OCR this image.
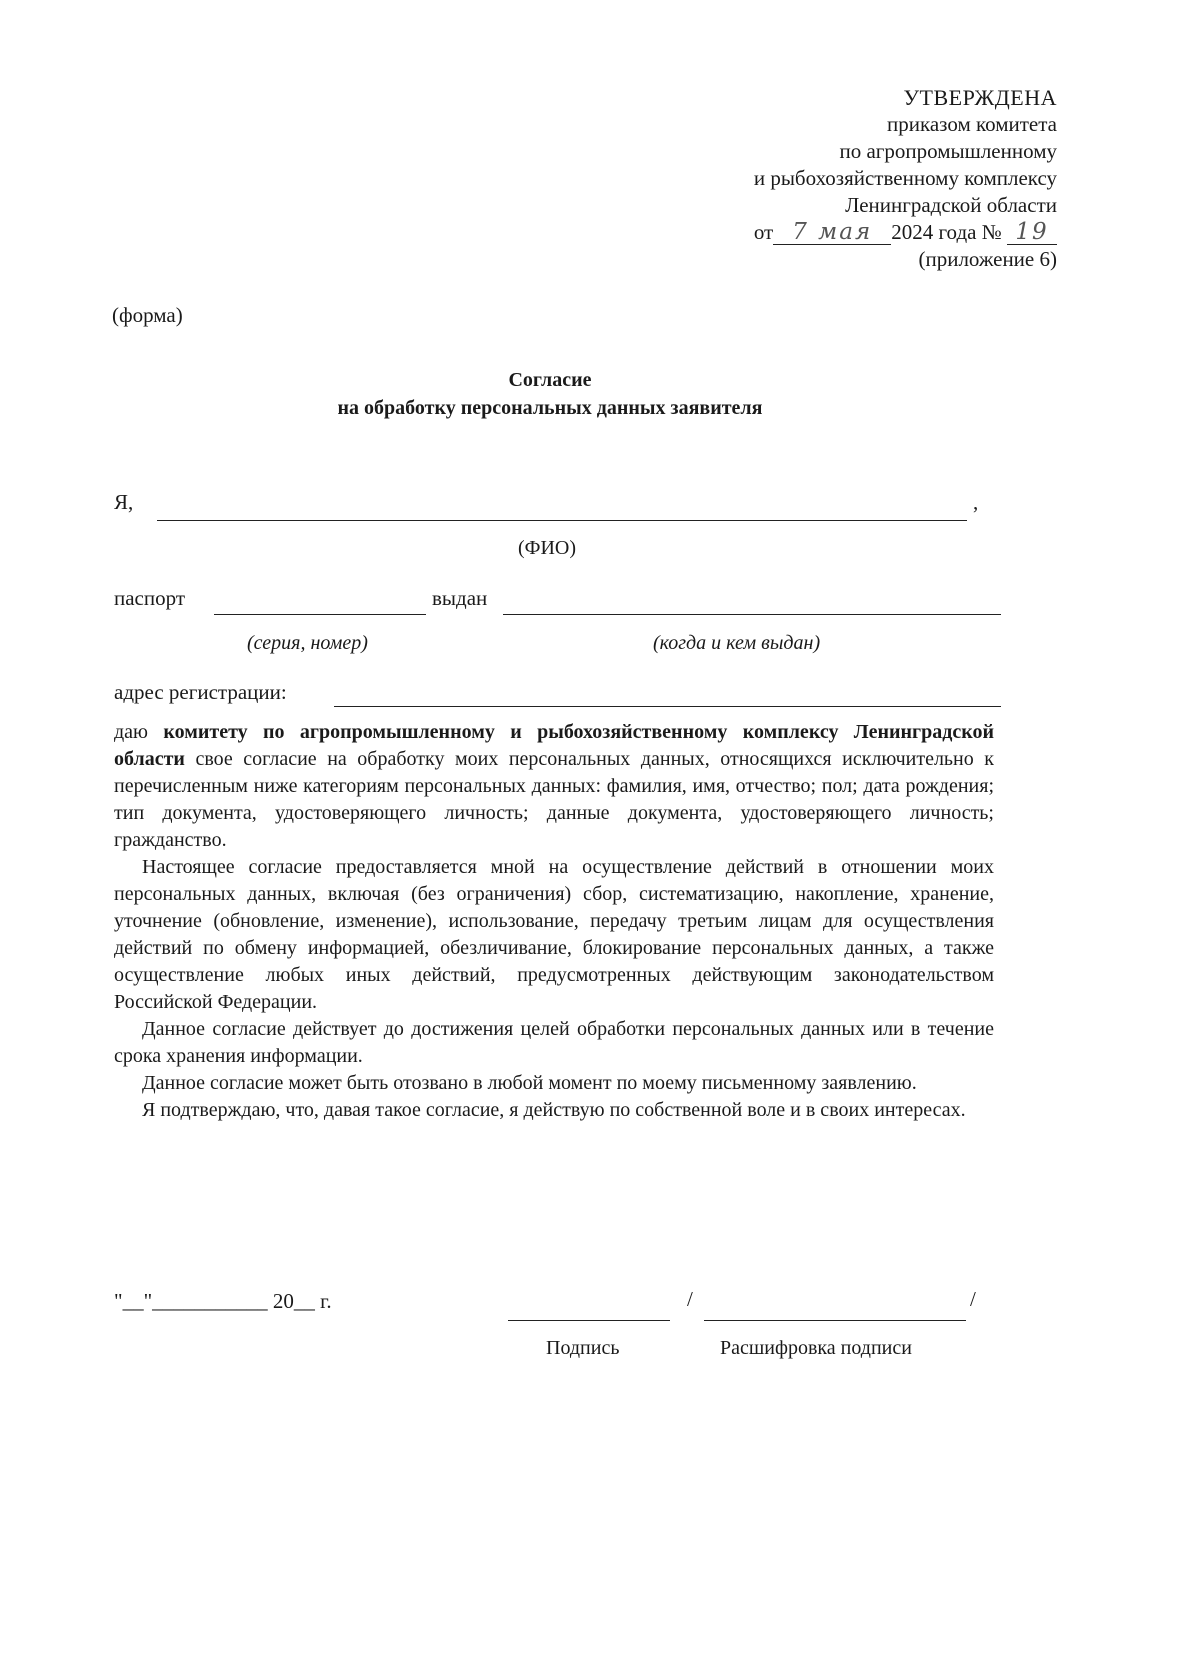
УТВЕРЖДЕНА
приказом комитета
по агропромышленному
и рыбохозяйственному комплексу
Ленинградской области
от 7 мая 2024 года № 19
(приложение 6)
(форма)
Согласие
на обработку персональных данных заявителя
Я,	,
(ФИО)
паспорт	выдан
(серия, номер)	(когда и кем выдан)
адрес регистрации:

даю комитету по агропромышленному и рыбохозяйственному комплексу Ленинградской области свое согласие на обработку моих персональных данных, относящихся исключительно к перечисленным ниже категориям персональных данных: фамилия, имя, отчество; пол; дата рождения; тип документа, удостоверяющего личность; данные документа, удостоверяющего личность; гражданство.

Настоящее согласие предоставляется мной на осуществление действий в отношении моих персональных данных, включая (без ограничения) сбор, систематизацию, накопление, хранение, уточнение (обновление, изменение), использование, передачу третьим лицам для осуществления действий по обмену информацией, обезличивание, блокирование персональных данных, а также осуществление любых иных действий, предусмотренных действующим законодательством Российской Федерации.

Данное согласие действует до достижения целей обработки персональных данных или в течение срока хранения информации.

Данное согласие может быть отозвано в любой момент по моему письменному заявлению.

Я подтверждаю, что, давая такое согласие, я действую по собственной воле и в своих интересах.

"__"___________ 20__ г.	/	/
Подпись	Расшифровка подписи
